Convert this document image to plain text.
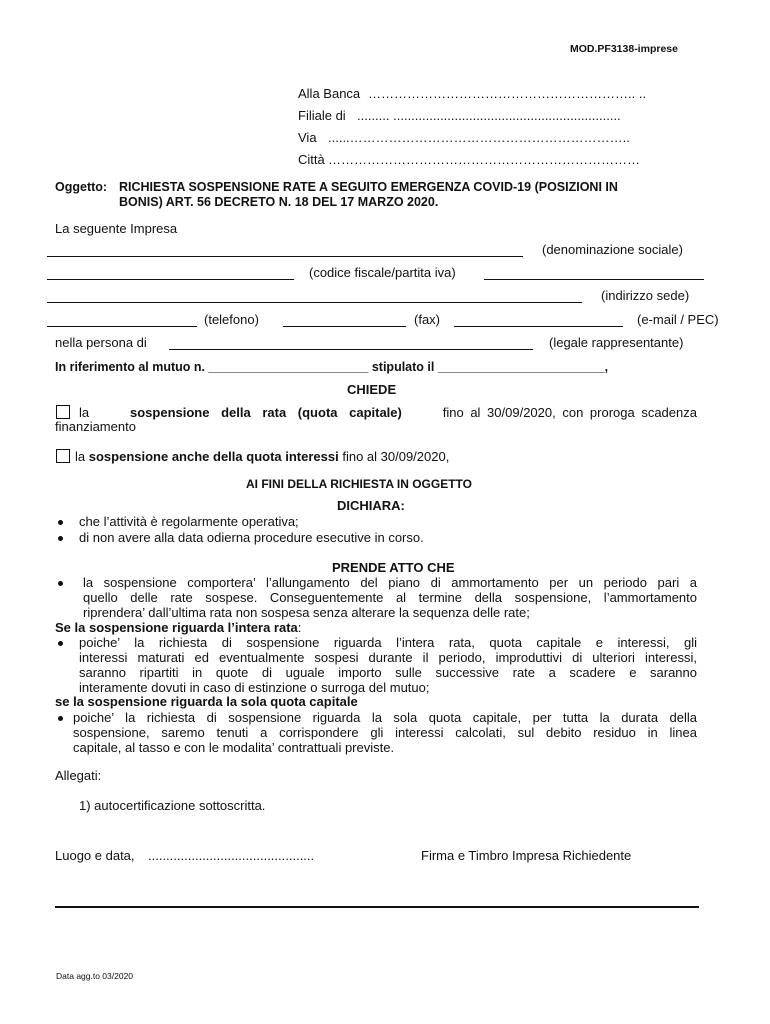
MOD.PF3138-imprese
Alla Banca …………………………………………………….. ..
Filiale di ......... ...............................................................
Via ......………………………………………………………..
Città ………………………………………………………………
Oggetto: RICHIESTA SOSPENSIONE RATE A SEGUITO EMERGENZA COVID-19 (POSIZIONI IN
BONIS) ART. 56 DECRETO N. 18 DEL 17 MARZO 2020.
La seguente Impresa
(denominazione sociale)
(codice fiscale/partita iva)
(indirizzo sede)
(telefono)	(fax)	(e-mail / PEC)
nella persona di	(legale rappresentante)
In riferimento al mutuo n. _______________________ stipulato il ________________________,
CHIEDE
la	sospensione della rata (quota capitale)	fino al 30/09/2020, con proroga scadenza
finanziamento
la sospensione anche della quota interessi fino al 30/09/2020,
AI FINI DELLA RICHIESTA IN OGGETTO
DICHIARA:
che l’attività è regolarmente operativa;
di non avere alla data odierna procedure esecutive in corso.
PRENDE ATTO CHE
la sospensione comporterа’ l’allungamento del piano di ammortamento per un periodo pari a
quello delle rate sospese. Conseguentemente al termine della sospensione, l’ammortamento
riprendera’ dall’ultima rata non sospesa senza alterare la sequenza delle rate;
Se la sospensione riguarda l’intera rata:
poiche’ la richiesta di sospensione riguarda l’intera rata, quota capitale e interessi, gli
interessi maturati ed eventualmente sospesi durante il periodo, improduttivi di ulteriori interessi,
saranno ripartiti in quote di uguale importo sulle successive rate a scadere e saranno
interamente dovuti in caso di estinzione o surroga del mutuo;
se la sospensione riguarda la sola quota capitale
poiche’ la richiesta di sospensione riguarda la sola quota capitale, per tutta la durata della
sospensione, saremo tenuti a corrispondere gli interessi calcolati, sul debito residuo in linea
capitale, al tasso e con le modalita’ contrattuali previste.
Allegati:
1) autocertificazione sottoscritta.
Luogo e data, ..............................................	Firma e Timbro Impresa Richiedente
Data agg.to 03/2020
